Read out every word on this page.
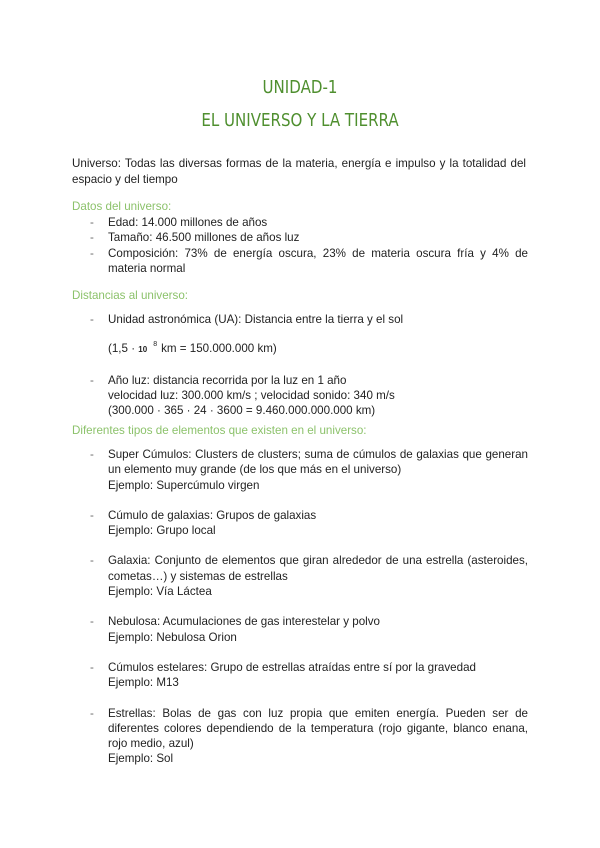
UNIDAD-1
EL UNIVERSO Y LA TIERRA
Universo: Todas las diversas formas de la materia, energía e impulso y la totalidad del espacio y del tiempo
Datos del universo:
- Edad: 14.000 millones de años
- Tamaño: 46.500 millones de años luz
- Composición: 73% de energía oscura, 23% de materia oscura fría y 4% de materia normal
Distancias al universo:
- Unidad astronómica (UA): Distancia entre la tierra y el sol
($1,5 \cdot 10^8$ km = 150.000.000 km)
- Año luz: distancia recorrida por la luz en 1 año
velocidad luz: 300.000 km/s ; velocidad sonido: 340 m/s
(300.000 · 365 · 24 · 3600 = 9.460.000.000.000 km)
Diferentes tipos de elementos que existen en el universo:
- Super Cúmulos: Clusters de clusters; suma de cúmulos de galaxias que generan un elemento muy grande (de los que más en el universo)
Ejemplo: Supercúmulo virgen
- Cúmulo de galaxias: Grupos de galaxias
Ejemplo: Grupo local
- Galaxia: Conjunto de elementos que giran alrededor de una estrella (asteroides, cometas…) y sistemas de estrellas
Ejemplo: Vía Láctea
- Nebulosa: Acumulaciones de gas interestelar y polvo
Ejemplo: Nebulosa Orion
- Cúmulos estelares: Grupo de estrellas atraídas entre sí por la gravedad
Ejemplo: M13
- Estrellas: Bolas de gas con luz propia que emiten energía. Pueden ser de diferentes colores dependiendo de la temperatura (rojo gigante, blanco enana, rojo medio, azul)
Ejemplo: Sol
